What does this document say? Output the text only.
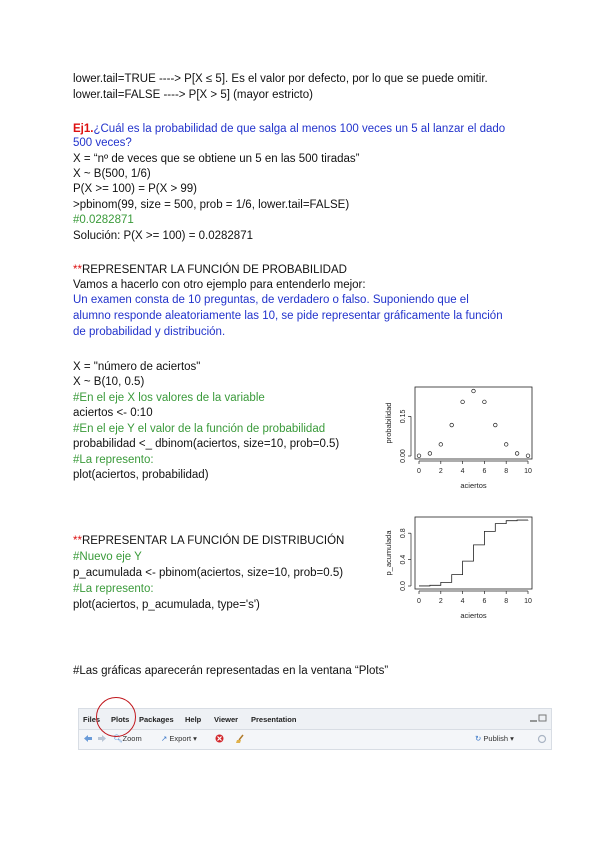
lower.tail=TRUE ----> P[X ≤ 5]. Es el valor por defecto, por lo que se puede omitir.
lower.tail=FALSE ----> P[X > 5] (mayor estricto)
Ej1.¿Cuál es la probabilidad de que salga al menos 100 veces un 5 al lanzar el dado
500 veces?
X = “nº de veces que se obtiene un 5 en las 500 tiradas”
X ~ B(500, 1/6)
P(X >= 100) = P(X > 99)
>pbinom(99, size = 500, prob = 1/6, lower.tail=FALSE)
#0.0282871
Solución: P(X >= 100) = 0.0282871
**REPRESENTAR LA FUNCIÓN DE PROBABILIDAD
Vamos a hacerlo con otro ejemplo para entenderlo mejor:
Un examen consta de 10 preguntas, de verdadero o falso. Suponiendo que el
alumno responde aleatoriamente las 10, se pide representar gráficamente la función
de probabilidad y distribución.
X = "número de aciertos"
X ~ B(10, 0.5)
#En el eje X los valores de la variable
aciertos <- 0:10
#En el eje Y el valor de la función de probabilidad
probabilidad <_ dbinom(aciertos, size=10, prob=0.5)
#La represento:
plot(aciertos, probabilidad)
**REPRESENTAR LA FUNCIÓN DE DISTRIBUCIÓN
#Nuevo eje Y
p_acumulada <- pbinom(aciertos, size=10, prob=0.5)
#La represento:
plot(aciertos, p_acumulada, type='s')
#Las gráficas aparecerán representadas en la ventana “Plots”
0	2	4	6	8 10
aciertos
0.00
0.15
probabilidad
0	2	4	6	8 10
aciertos
0.0
0.4
0.8
p_acumulada
Files Plots Packages Help Viewer Presentation
🔍︎Zoom	↗ Export ▾	↻ Publish ▾
